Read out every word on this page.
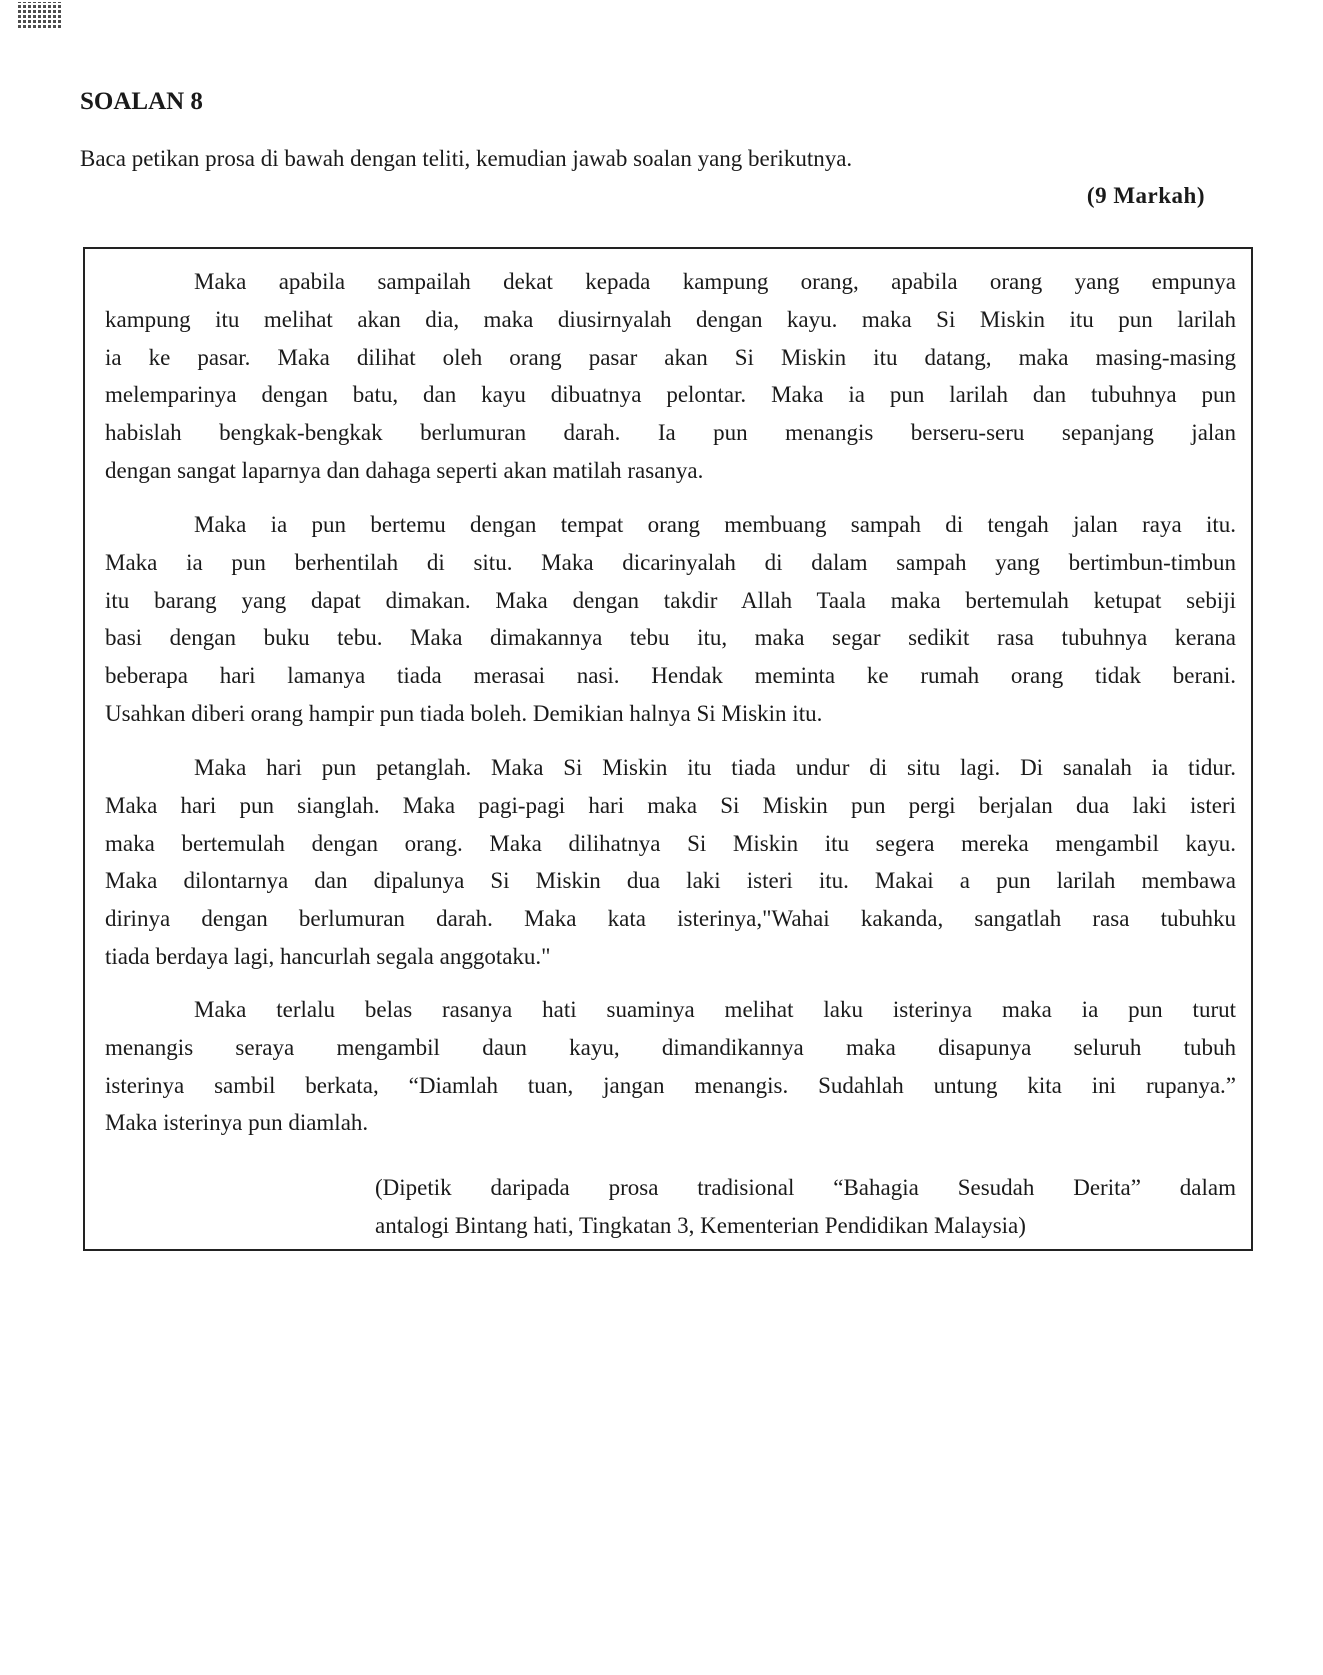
SOALAN 8
Baca petikan prosa di bawah dengan teliti, kemudian jawab soalan yang berikutnya.
(9 Markah)
Maka apabila sampailah dekat kepada kampung orang, apabila orang yang empunya
kampung itu melihat akan dia, maka diusirnyalah dengan kayu. maka Si Miskin itu pun larilah
ia ke pasar. Maka dilihat oleh orang pasar akan Si Miskin itu datang, maka masing-masing
melemparinya dengan batu, dan kayu dibuatnya pelontar. Maka ia pun larilah dan tubuhnya pun
habislah bengkak-bengkak berlumuran darah. Ia pun menangis berseru-seru sepanjang jalan
dengan sangat laparnya dan dahaga seperti akan matilah rasanya.
Maka ia pun bertemu dengan tempat orang membuang sampah di tengah jalan raya itu.
Maka ia pun berhentilah di situ. Maka dicarinyalah di dalam sampah yang bertimbun-timbun
itu barang yang dapat dimakan. Maka dengan takdir Allah Taala maka bertemulah ketupat sebiji
basi dengan buku tebu. Maka dimakannya tebu itu, maka segar sedikit rasa tubuhnya kerana
beberapa hari lamanya tiada merasai nasi. Hendak meminta ke rumah orang tidak berani.
Usahkan diberi orang hampir pun tiada boleh. Demikian halnya Si Miskin itu.
Maka hari pun petanglah. Maka Si Miskin itu tiada undur di situ lagi. Di sanalah ia tidur.
Maka hari pun sianglah. Maka pagi-pagi hari maka Si Miskin pun pergi berjalan dua laki isteri
maka bertemulah dengan orang. Maka dilihatnya Si Miskin itu segera mereka mengambil kayu.
Maka dilontarnya dan dipalunya Si Miskin dua laki isteri itu. Makai a pun larilah membawa
dirinya dengan berlumuran darah. Maka kata isterinya,"Wahai kakanda, sangatlah rasa tubuhku
tiada berdaya lagi, hancurlah segala anggotaku."
Maka terlalu belas rasanya hati suaminya melihat laku isterinya maka ia pun turut
menangis seraya mengambil daun kayu, dimandikannya maka disapunya seluruh tubuh
isterinya sambil berkata, “Diamlah tuan, jangan menangis. Sudahlah untung kita ini rupanya.”
Maka isterinya pun diamlah.
(Dipetik daripada prosa tradisional “Bahagia Sesudah Derita” dalam
antalogi Bintang hati, Tingkatan 3, Kementerian Pendidikan Malaysia)
